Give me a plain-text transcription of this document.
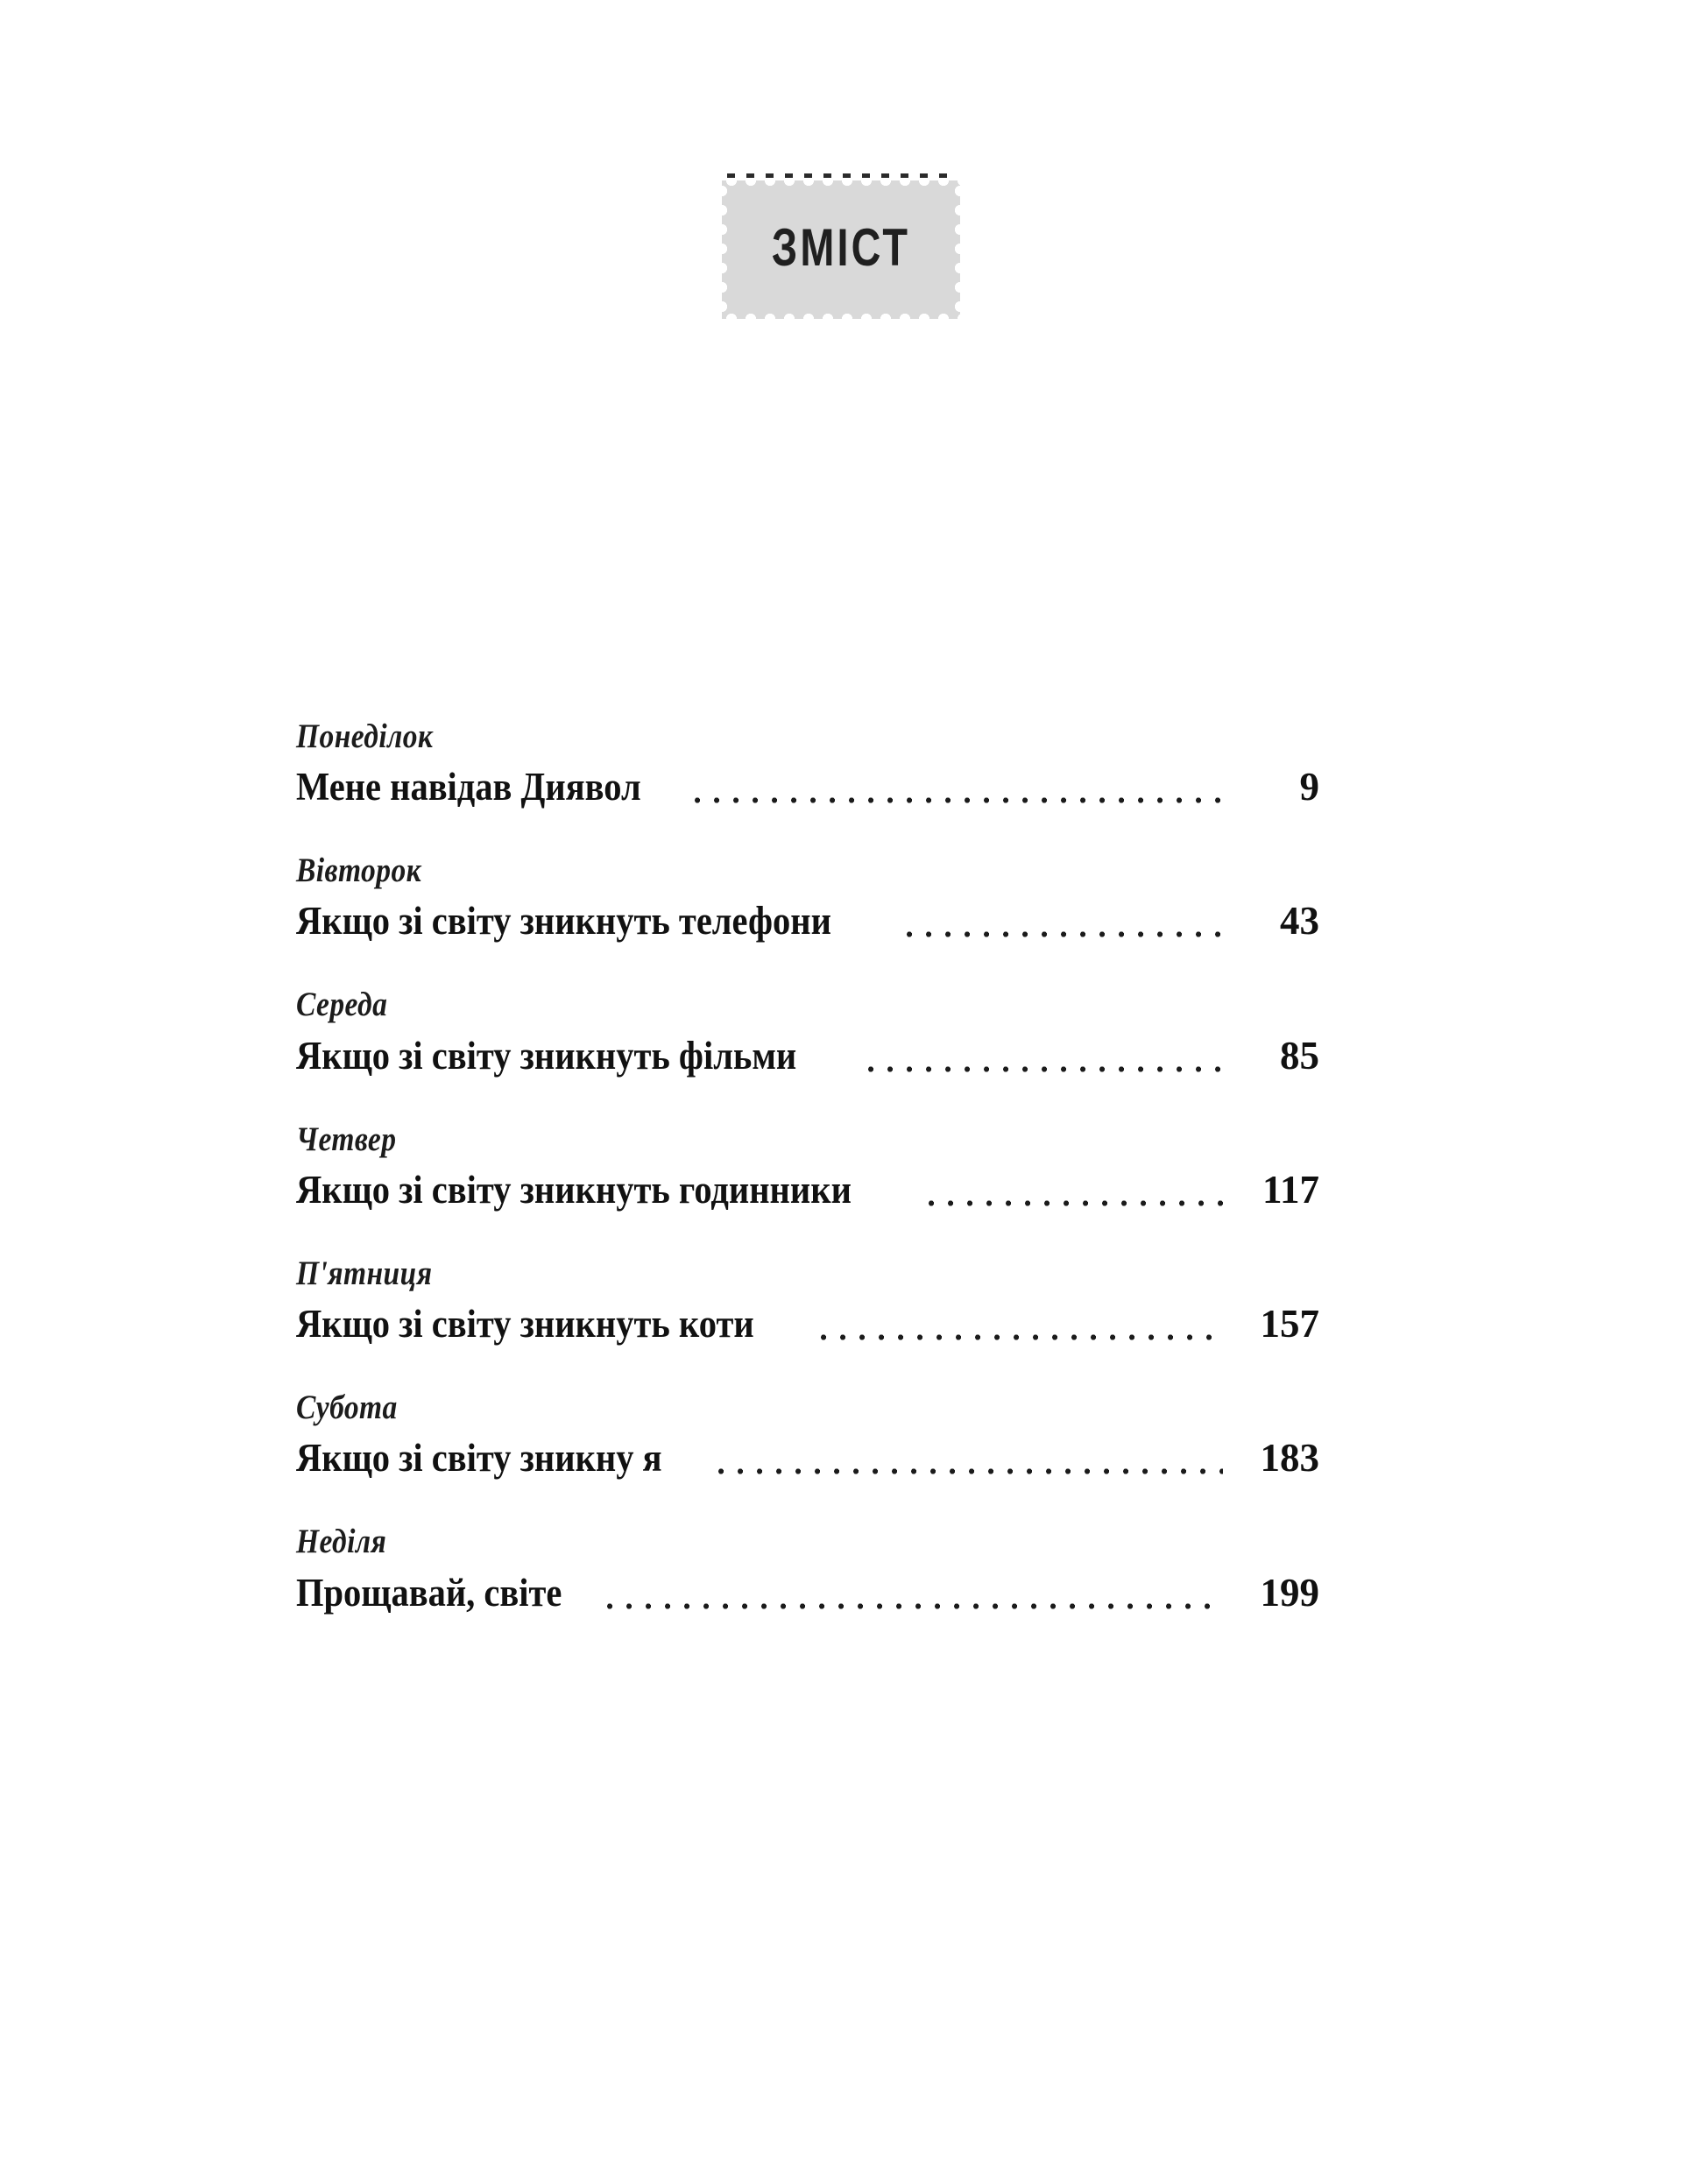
ЗМІСТ
Понеділок
Мене навідав Диявол	9
Вівторок
Якщо зі світу зникнуть телефони	43
Середа
Якщо зі світу зникнуть фільми	85
Четвер
Якщо зі світу зникнуть годинники	117
П'ятниця
Якщо зі світу зникнуть коти	157
Субота
Якщо зі світу зникну я	183
Неділя
Прощавай, світе	199
